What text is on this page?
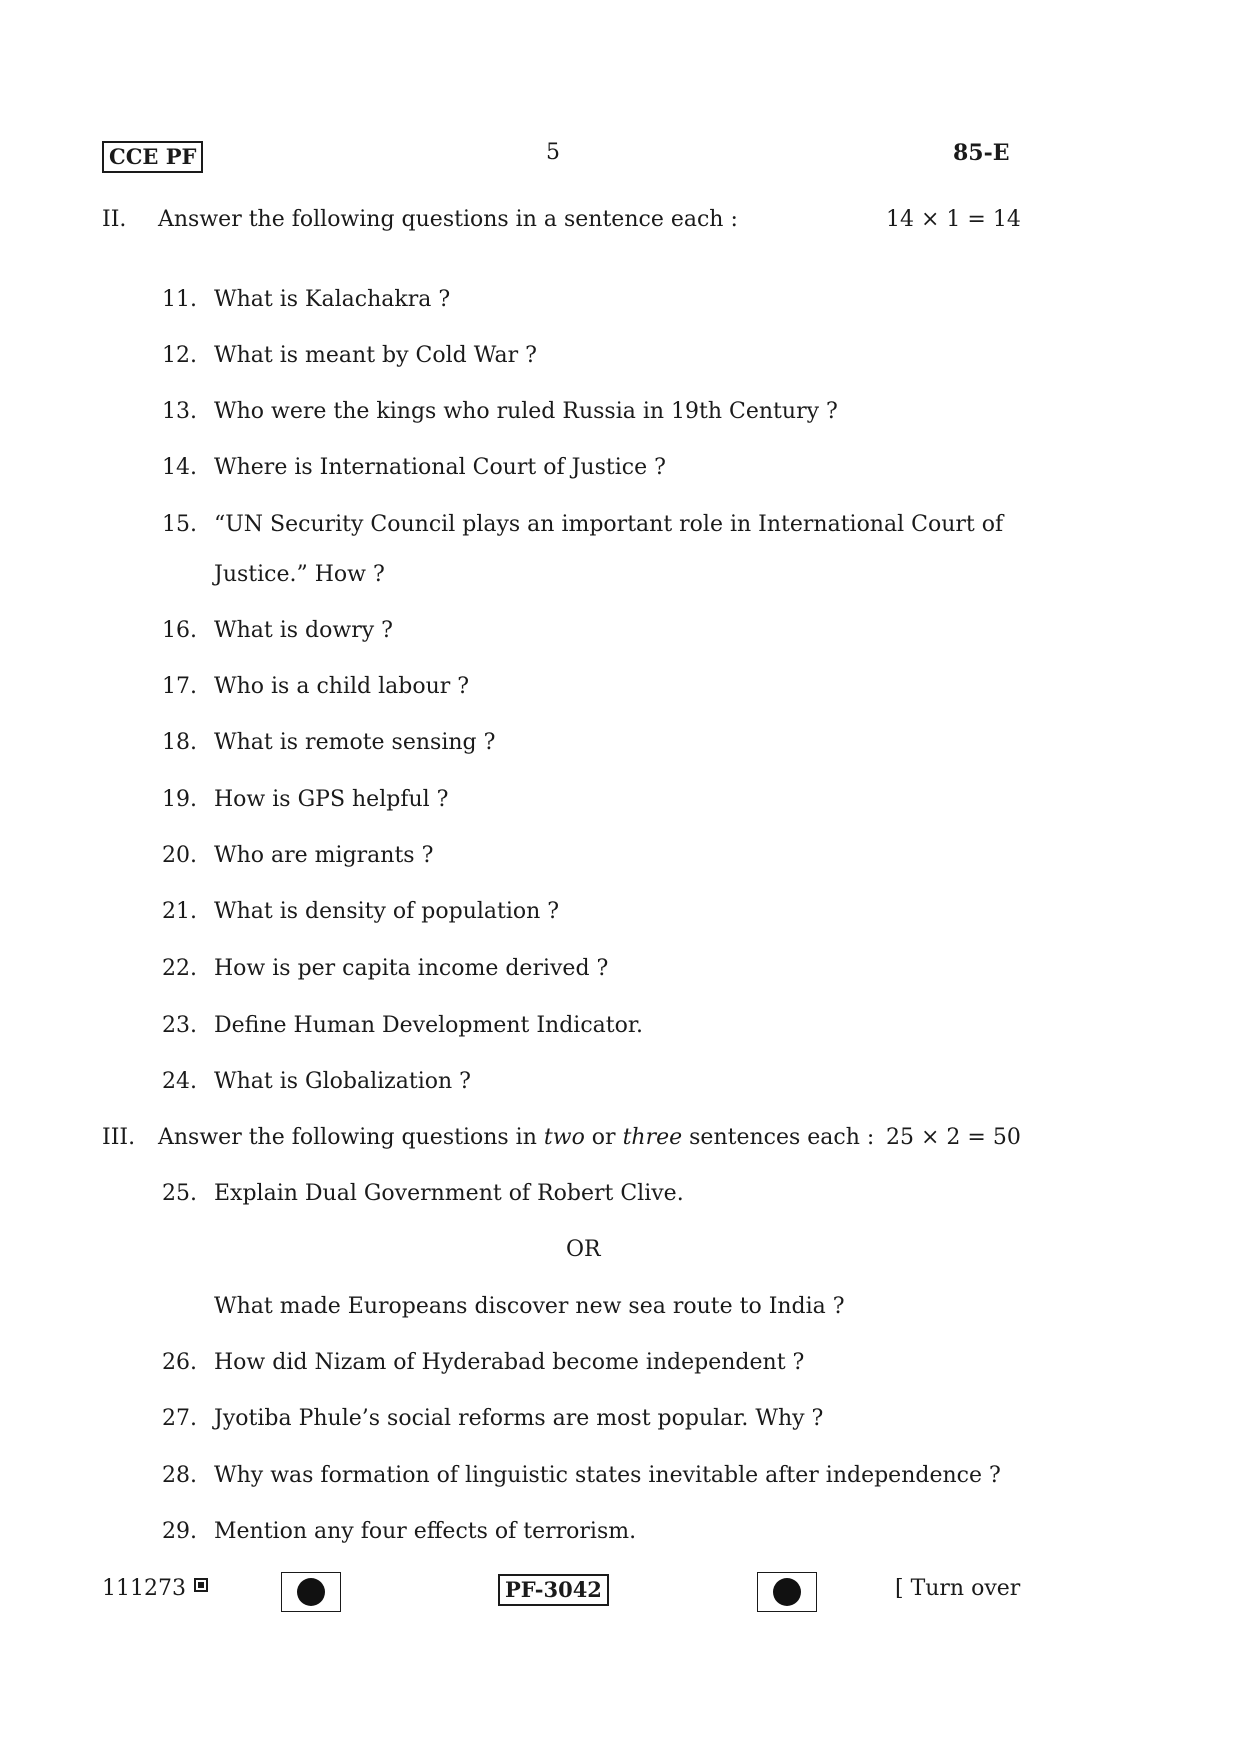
CCE PF	5	85-E
II. Answer the following questions in a sentence each :	14 × 1 = 14
11. What is Kalachakra ?
12. What is meant by Cold War ?
13. Who were the kings who ruled Russia in 19th Century ?
14. Where is International Court of Justice ?
15. “UN Security Council plays an important role in International Court of
Justice.” How ?
16. What is dowry ?
17. Who is a child labour ?
18. What is remote sensing ?
19. How is GPS helpful ?
20. Who are migrants ?
21. What is density of population ?
22. How is per capita income derived ?
23. Define Human Development Indicator.
24. What is Globalization ?
III. Answer the following questions in two or three sentences each : 25 × 2 = 50
25. Explain Dual Government of Robert Clive.
OR
What made Europeans discover new sea route to India ?
26. How did Nizam of Hyderabad become independent ?
27. Jyotiba Phule’s social reforms are most popular. Why ?
28. Why was formation of linguistic states inevitable after independence ?
29. Mention any four effects of terrorism.
111273	PF-3042	[ Turn over
